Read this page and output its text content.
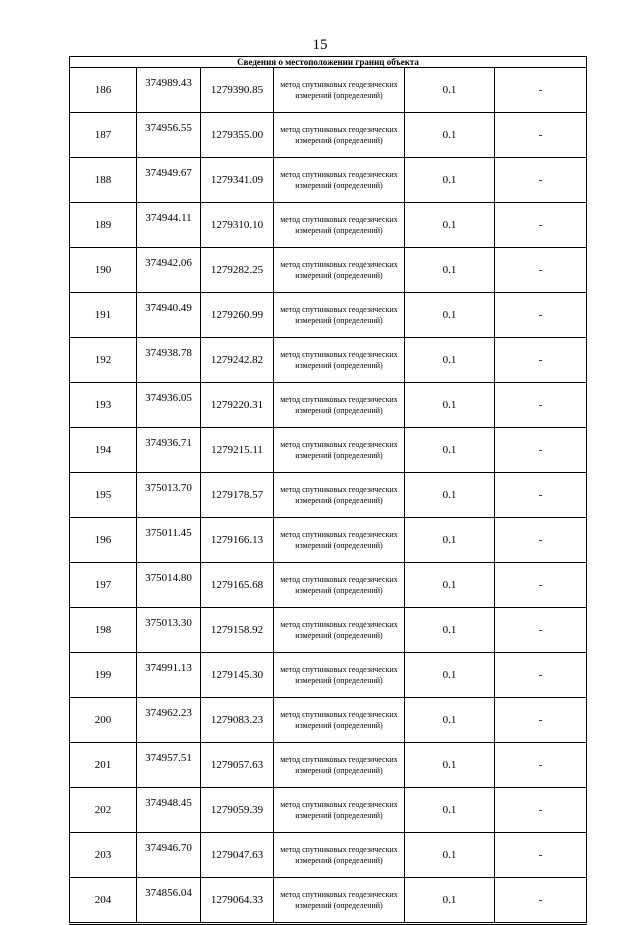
15
Сведения о местоположении границ объекта					
186	374989.43	1279390.85	метод спутниковых геодезических измерений (определений)	0.1	-
187	374956.55	1279355.00	метод спутниковых геодезических измерений (определений)	0.1	-
188	374949.67	1279341.09	метод спутниковых геодезических измерений (определений)	0.1	-
189	374944.11	1279310.10	метод спутниковых геодезических измерений (определений)	0.1	-
190	374942.06	1279282.25	метод спутниковых геодезических измерений (определений)	0.1	-
191	374940.49	1279260.99	метод спутниковых геодезических измерений (определений)	0.1	-
192	374938.78	1279242.82	метод спутниковых геодезических измерений (определений)	0.1	-
193	374936.05	1279220.31	метод спутниковых геодезических измерений (определений)	0.1	-
194	374936.71	1279215.11	метод спутниковых геодезических измерений (определений)	0.1	-
195	375013.70	1279178.57	метод спутниковых геодезических измерений (определений)	0.1	-
196	375011.45	1279166.13	метод спутниковых геодезических измерений (определений)	0.1	-
197	375014.80	1279165.68	метод спутниковых геодезических измерений (определений)	0.1	-
198	375013.30	1279158.92	метод спутниковых геодезических измерений (определений)	0.1	-
199	374991.13	1279145.30	метод спутниковых геодезических измерений (определений)	0.1	-
200	374962.23	1279083.23	метод спутниковых геодезических измерений (определений)	0.1	-
201	374957.51	1279057.63	метод спутниковых геодезических измерений (определений)	0.1	-
202	374948.45	1279059.39	метод спутниковых геодезических измерений (определений)	0.1	-
203	374946.70	1279047.63	метод спутниковых геодезических измерений (определений)	0.1	-
204	374856.04	1279064.33	метод спутниковых геодезических измерений (определений)	0.1	-
